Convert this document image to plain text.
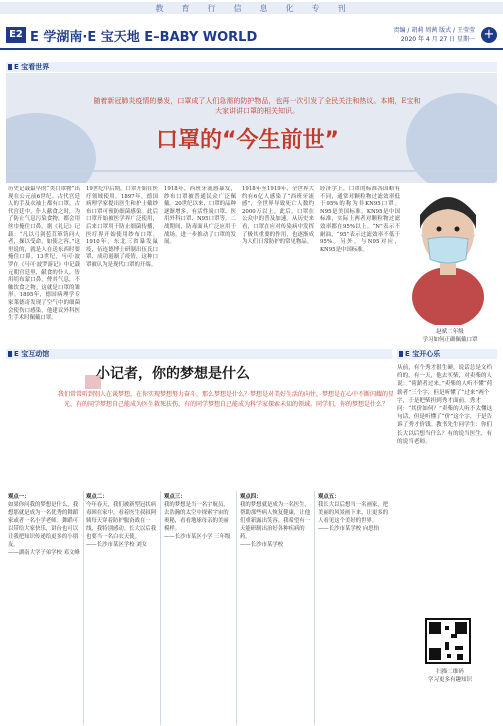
教 育 行 信 息 化 专 刊
E2 E 学湖南·E 宝天地 E–BABY WORLD	责编 / 胡莉 周茜 版式 / 王莹莹
2020 年 4 月 27 日 星期一 +
E 宝看世界
随着新冠肺炎疫情的暴发，口罩成了人们急需的防护物品，也再一次引发了全民关注和热议。本期，E宝和大家讲讲口罩的相关知识。
口罩的“今生前世”
历史记载最早的“类口罩物”出现在公元前6世纪。古代宫廷人的手及衣袖上都有口罩。古代宫廷中，仆人献食之时，为了防止气息污染食物，都会用丝巾掩住口鼻。据《礼记》记载：“凡以弓剑苞苴箪笥问人者，操以受命，如使之容。”这里说的，就是人在送东西时要掩住口鼻。13世纪，马可·波罗在《马可·波罗游记》中记载元朝宫廷里，献食的仆人，皆用绢布蒙口鼻，俾其气息，不触饮食之物。这就是口罩的雏形。1895年，德国病理学专家莱德奇发现了空气中的细菌会使伤口感染，他建议外科医生手术时佩戴口罩。
19世纪中后期，口罩开始在医疗领域使用。1897年，德国病理学家提出医生和护士戴纱布口罩可预防细菌感染。此后口罩开始被医学界广泛使用，后来口罩用于防止细菌传播，医疗界开始使用纱布口罩。1910年，东北三省暴发鼠疫，伍连德博士研制出伍氏口罩，成功遏制了疫情，这种口罩被认为是现代口罩的开端。
1918年，西班牙流感暴发，纱布口罩被普通民众广泛佩戴。20世纪以来，口罩的品种逐渐增多，有活性炭口罩、医用外科口罩、N95口罩等。二战期间，防毒面具广泛应用于战场，进一步推动了口罩的发展。
1918年至1919年，全世界大约有6亿人感染了“西班牙流感”，全世界导致死亡人数约2000万以上。此后，口罩在公众中的普及加速。从历史来看，口罩在应对传染病中发挥了极其重要的作用，也逐渐成为人们日常防护的常见物品。
经济学上，口罩的标准各国略有不同，通常对颗粒物过滤效率低于95%的称为非KN95口罩。N95是美国标准，KN95是中国标准，实际上两者对颗粒物过滤效率都在95%以上。“N”表示不耐油，“95”表示过滤效率不低于95%。另外，与N95对应，KN95是中国标准。
赵斌二年级
学习如何正确佩戴口罩
E 宝互动馆	E 宝开心乐
小记者，你的梦想是什么
我们常常听到别人在谈梦想，在你实现梦想努力奋斗，那么梦想是什么？梦想是对美好生活的向往，梦想是在心中不断闪耀的星光，有的同学梦想自己能成为医生救死扶伤，有的同学梦想自己能成为科学家探索未知的领域。同学们，你的梦想是什么？
观点一：
如果你问我的梦想是什么，我想那就是成为一名优秀的舞蹈家或者一名小学老师。舞蹈可以带给大家快乐，讲台也可以让我把知识传递给更多的小朋友。
——湖南大学子弟学校 邓文峰
观点二：
今年春天，我们被新型冠状病毒困在家中，看着医生叔叔阿姨每天穿着防护服奋战在一线，我特别感动。长大以后我也要当一名白衣天使。
——长沙市某区学校 刘女
观点三：
我的梦想是当一名宇航员，去浩瀚的太空中探索宇宙的奥秘，看看地球母亲的美丽模样。
——长沙市某区小学 三年级
观点四：
我的梦想就是成为一名医生，帮助那些病人恢复健康，让他们重新露出笑容。我希望有一天能研制出治好各种疾病的药。
——长沙市某学校
观点五：
我长大以后想当一名画家，把美丽的风景画下来，让更多的人看见这个美好的世界。
——长沙市某学校 向思怡
从前，有个秀才很生硬，说话总是文绉绉的。有一天，他去买柴，对卖柴的人说：“荷薪者过来。”卖柴的人听不懂“荷薪者”三个字，但是听懂了“过来”两个字，于是把柴担到秀才面前。秀才问：“其价如何？”卖柴的人听不太懂这句话，但是听懂了“价”这个字，于是告诉了秀才价钱。教书先生问学生：你们长大以后想当什么？有的说当医生，有的说当老师。
扫描二维码
学习更多有趣知识
